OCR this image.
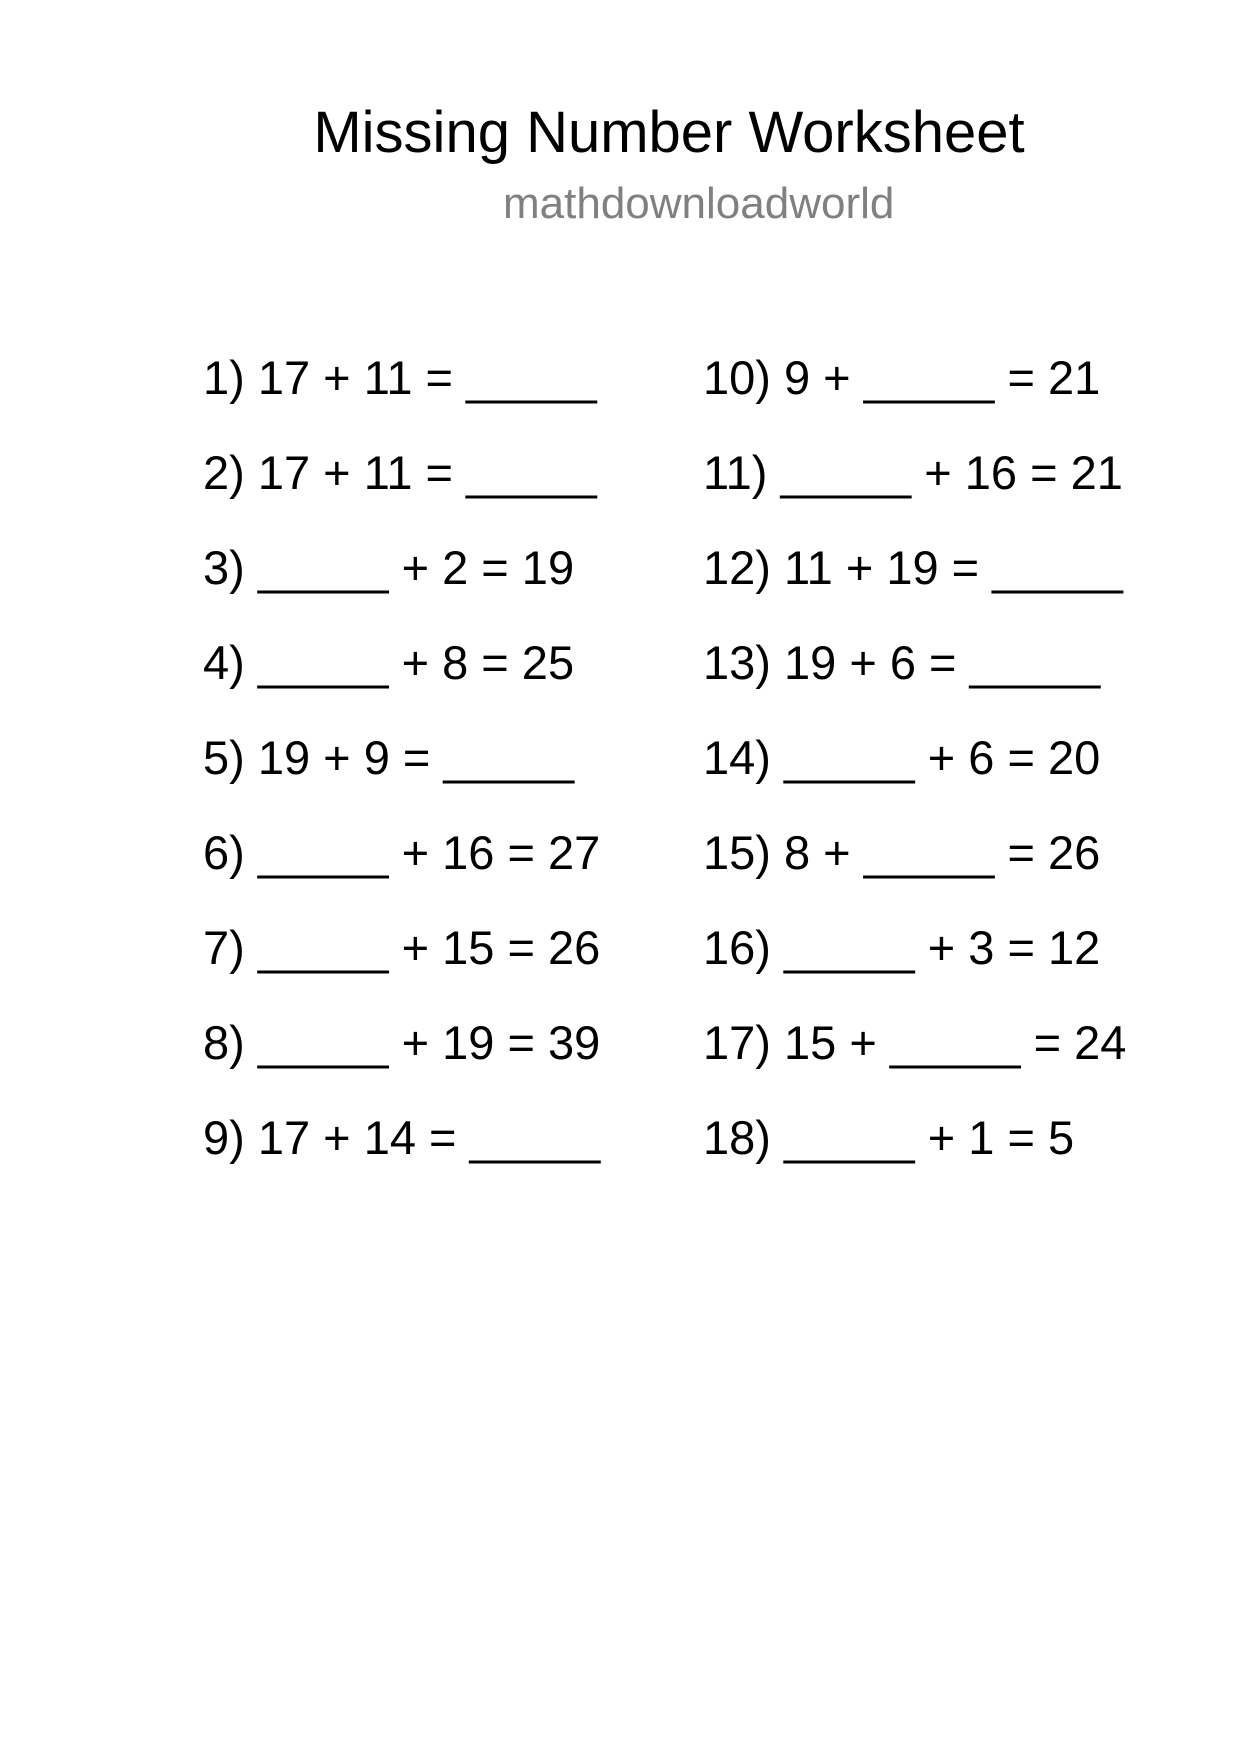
Missing Number Worksheet
mathdownloadworld
1) 17 + 11 = _____
2) 17 + 11 = _____
3) _____ + 2 = 19
4) _____ + 8 = 25
5) 19 + 9 = _____
6) _____ + 16 = 27
7) _____ + 15 = 26
8) _____ + 19 = 39
9) 17 + 14 = _____
10) 9 + _____ = 21
11) _____ + 16 = 21
12) 11 + 19 = _____
13) 19 + 6 = _____
14) _____ + 6 = 20
15) 8 + _____ = 26
16) _____ + 3 = 12
17) 15 + _____ = 24
18) _____ + 1 = 5
